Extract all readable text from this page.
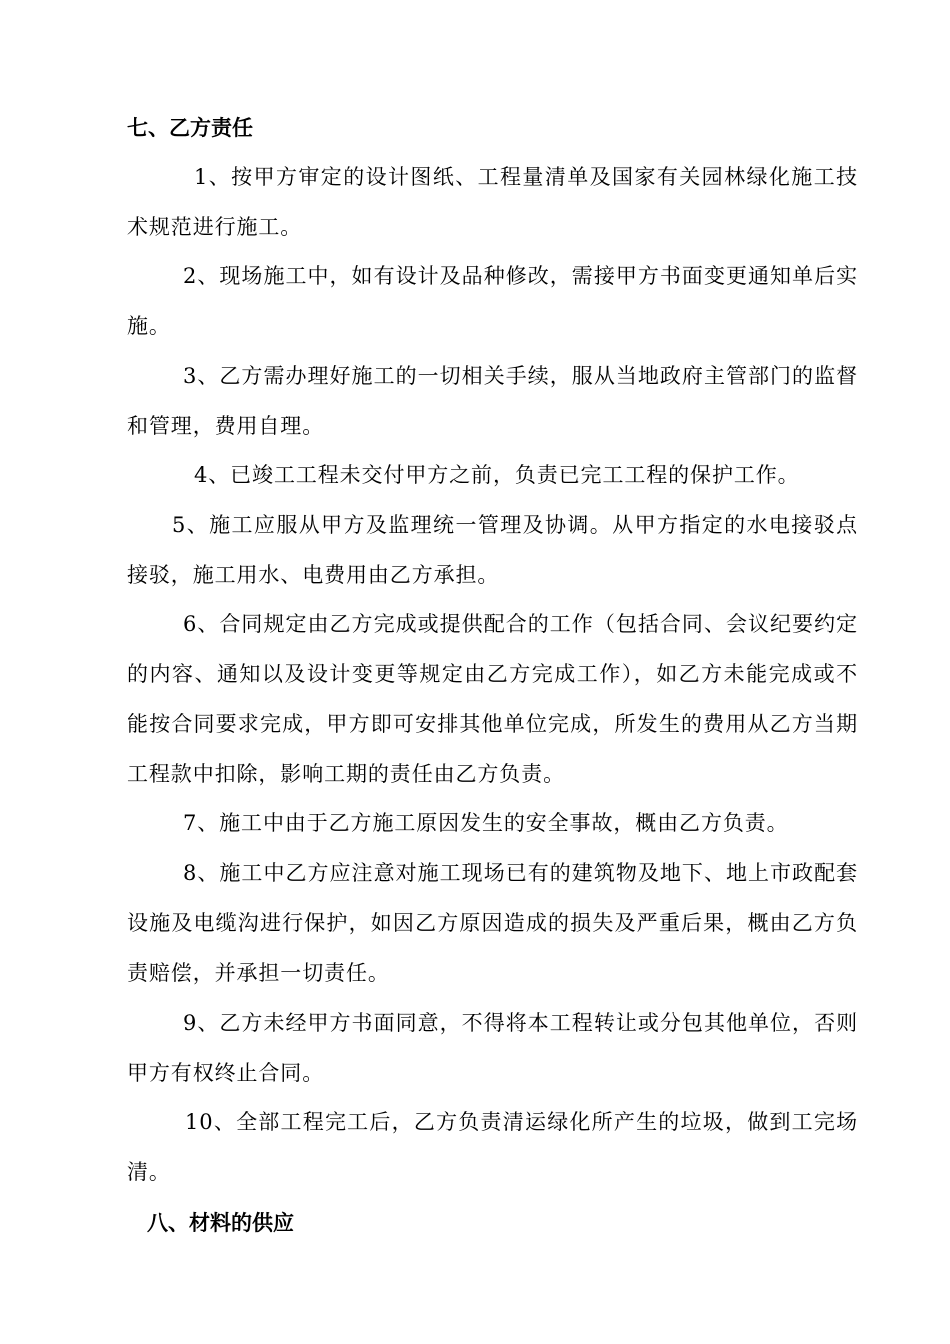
七、乙方责任

1、按甲方审定的设计图纸、工程量清单及国家有关园林绿化施工技术规范进行施工。

2、现场施工中，如有设计及品种修改，需接甲方书面变更通知单后实施。

3、乙方需办理好施工的一切相关手续，服从当地政府主管部门的监督和管理，费用自理。

4、已竣工工程未交付甲方之前，负责已完工工程的保护工作。

5、施工应服从甲方及监理统一管理及协调。从甲方指定的水电接驳点接驳，施工用水、电费用由乙方承担。

6、合同规定由乙方完成或提供配合的工作（包括合同、会议纪要约定的内容、通知以及设计变更等规定由乙方完成工作），如乙方未能完成或不能按合同要求完成，甲方即可安排其他单位完成，所发生的费用从乙方当期工程款中扣除，影响工期的责任由乙方负责。

7、施工中由于乙方施工原因发生的安全事故，概由乙方负责。

8、施工中乙方应注意对施工现场已有的建筑物及地下、地上市政配套设施及电缆沟进行保护，如因乙方原因造成的损失及严重后果，概由乙方负责赔偿，并承担一切责任。

9、乙方未经甲方书面同意，不得将本工程转让或分包其他单位，否则甲方有权终止合同。

10、全部工程完工后，乙方负责清运绿化所产生的垃圾，做到工完场清。

八、材料的供应
